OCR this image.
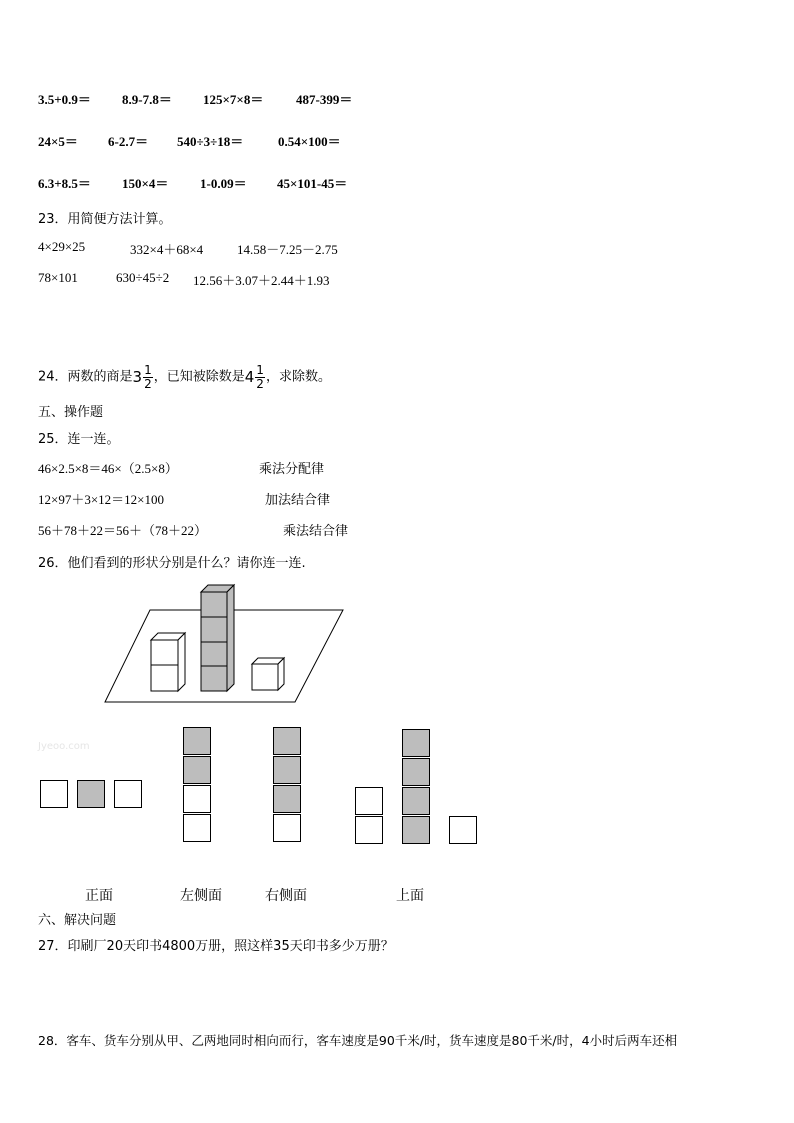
3.5+0.9＝ 8.9-7.8＝ 125×7×8＝	487-399＝
24×5＝ 6-2.7＝ 540÷3÷18＝	0.54×100＝
6.3+8.5＝ 150×4＝ 1-0.09＝ 45×101-45＝
23．用简便方法计算。
4×29×25	332×4＋68×4	14.58－7.25－2.75
78×101	630÷45÷2 12.56＋3.07＋2.44＋1.93
24．两数的商是$3 \frac{1}{2}$ ，已知被除数是$4 \frac{1}{2}$ ，求除数。
五、操作题
25．连一连。
46×2.5×8＝46×（2.5×8）
12×97＋3×12＝12×100
56＋78＋22＝56＋（78＋22）
乘法分配律
加法结合律
乘法结合律
26．他们看到的形状分别是什么？请你连一连.
Jyeoo.com
正面	左侧面	右侧面	上面
六、解决问题
27．印刷厂20天印书4800万册，照这样35天印书多少万册？
28．客车、货车分别从甲、乙两地同时相向而行，客车速度是90千米/时，货车速度是80千米/时，4小时后两车还相
